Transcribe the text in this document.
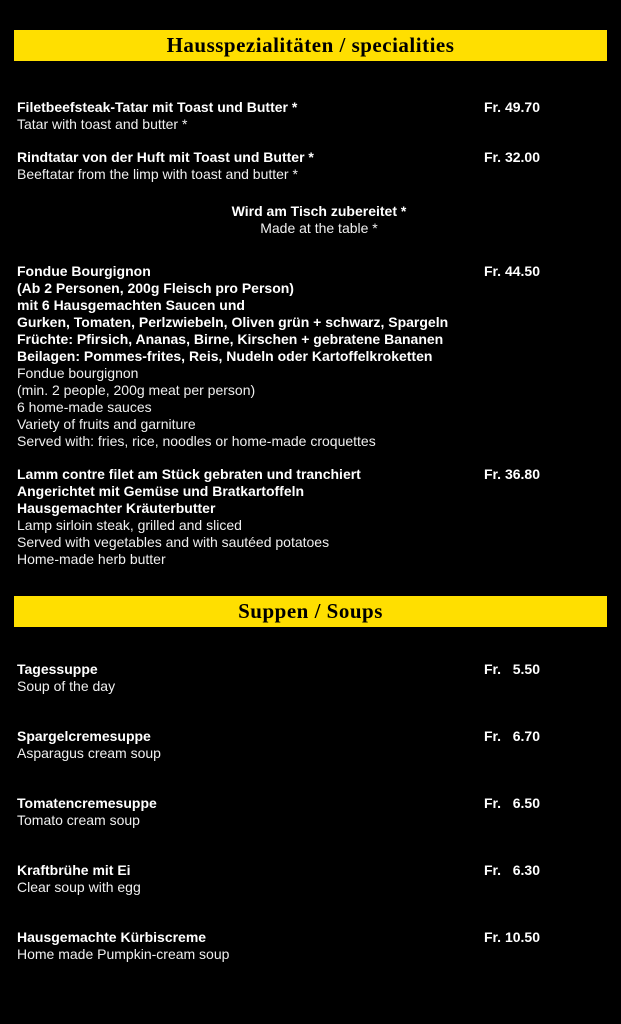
Hausspezialitäten / specialities
Filetbeefsteak-Tatar mit Toast und Butter *
Tatar with toast and butter *
Fr. 49.70
Rindtatar von der Huft mit Toast und Butter *
Beeftatar from the limp with toast and butter *
Fr. 32.00
Wird am Tisch zubereitet *
Made at the table *
Fondue Bourgignon
(Ab 2 Personen, 200g Fleisch pro Person)
mit 6 Hausgemachten Saucen und
Gurken, Tomaten, Perlzwiebeln, Oliven grün + schwarz, Spargeln
Früchte: Pfirsich, Ananas, Birne, Kirschen + gebratene Bananen
Beilagen: Pommes-frites, Reis, Nudeln oder Kartoffelkroketten
Fondue bourgignon
(min. 2 people, 200g meat per person)
6 home-made sauces
Variety of fruits and garniture
Served with: fries, rice, noodles or home-made croquettes
Fr. 44.50
Lamm contre filet am Stück gebraten und tranchiert
Angerichtet mit Gemüse und Bratkartoffeln
Hausgemachter Kräuterbutter
Lamp sirloin steak, grilled and sliced
Served with vegetables and with sautéed potatoes
Home-made herb butter
Fr. 36.80
Suppen / Soups
Tagessuppe
Soup of the day
Fr.   5.50
Spargelcremesuppe
Asparagus cream soup
Fr.   6.70
Tomatencremesuppe
Tomato cream soup
Fr.   6.50
Kraftbrühe mit Ei
Clear soup with egg
Fr.   6.30
Hausgemachte Kürbiscreme
Home made Pumpkin-cream soup
Fr. 10.50
